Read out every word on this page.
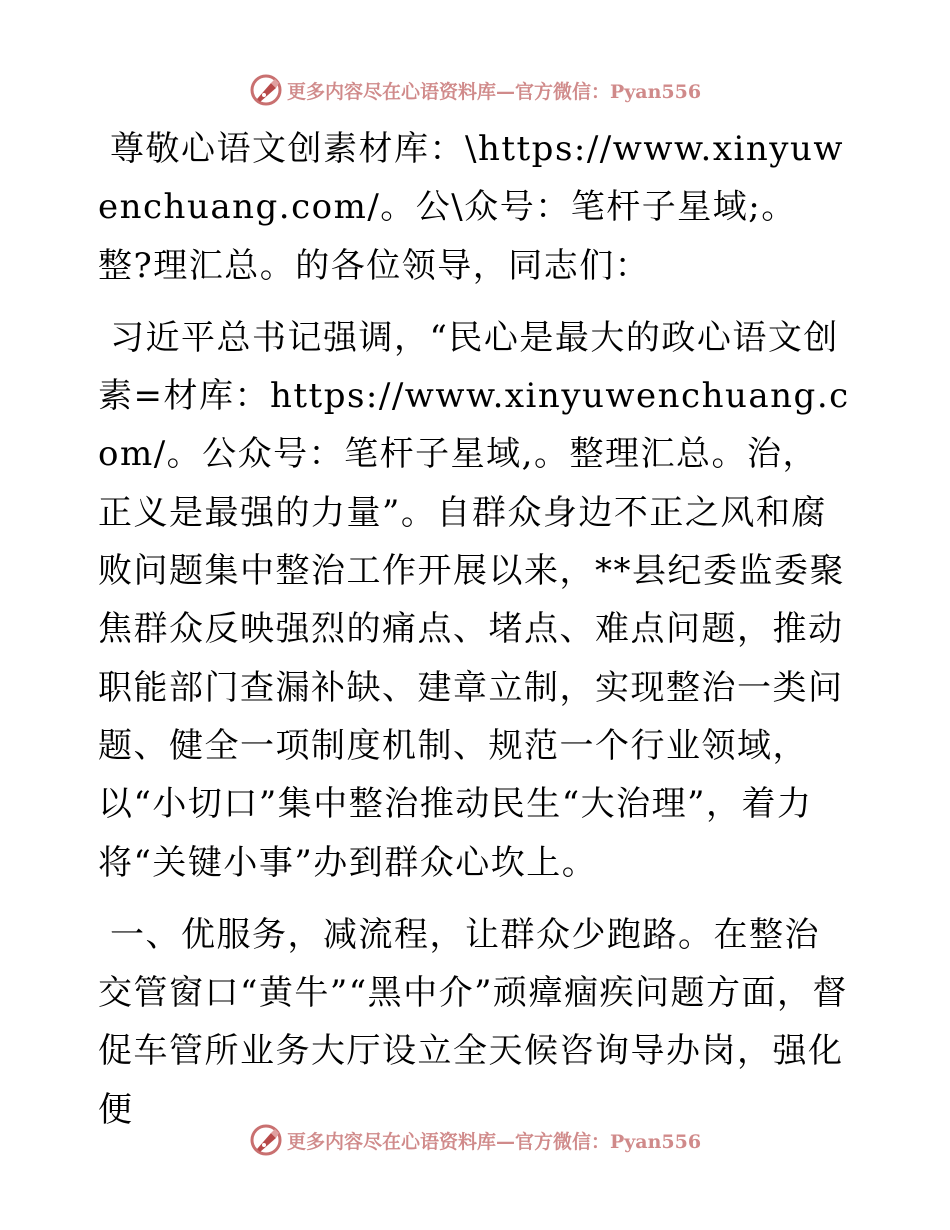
更多内容尽在心语资料库—官方微信：Pyan556

尊敬心语文创素材库：\https://www.xinyuwenchuang.com/。公\众号：笔杆子星域;。整?理汇总。的各位领导，同志们：

习近平总书记强调，“民心是最大的政心语文创素=材库：https://www.xinyuwenchuang.com/。公众号：笔杆子星域,。整理汇总。治，正义是最强的力量”。自群众身边不正之风和腐败问题集中整治工作开展以来，**县纪委监委聚焦群众反映强烈的痛点、堵点、难点问题，推动职能部门查漏补缺、建章立制，实现整治一类问题、健全一项制度机制、规范一个行业领域，以“小切口”集中整治推动民生“大治理”，着力将“关键小事”办到群众心坎上。

一、优服务，减流程，让群众少跑路。在整治交管窗口“黄牛”“黑中介”顽瘴痼疾问题方面，督促车管所业务大厅设立全天候咨询导办岗，强化便

更多内容尽在心语资料库—官方微信：Pyan556
